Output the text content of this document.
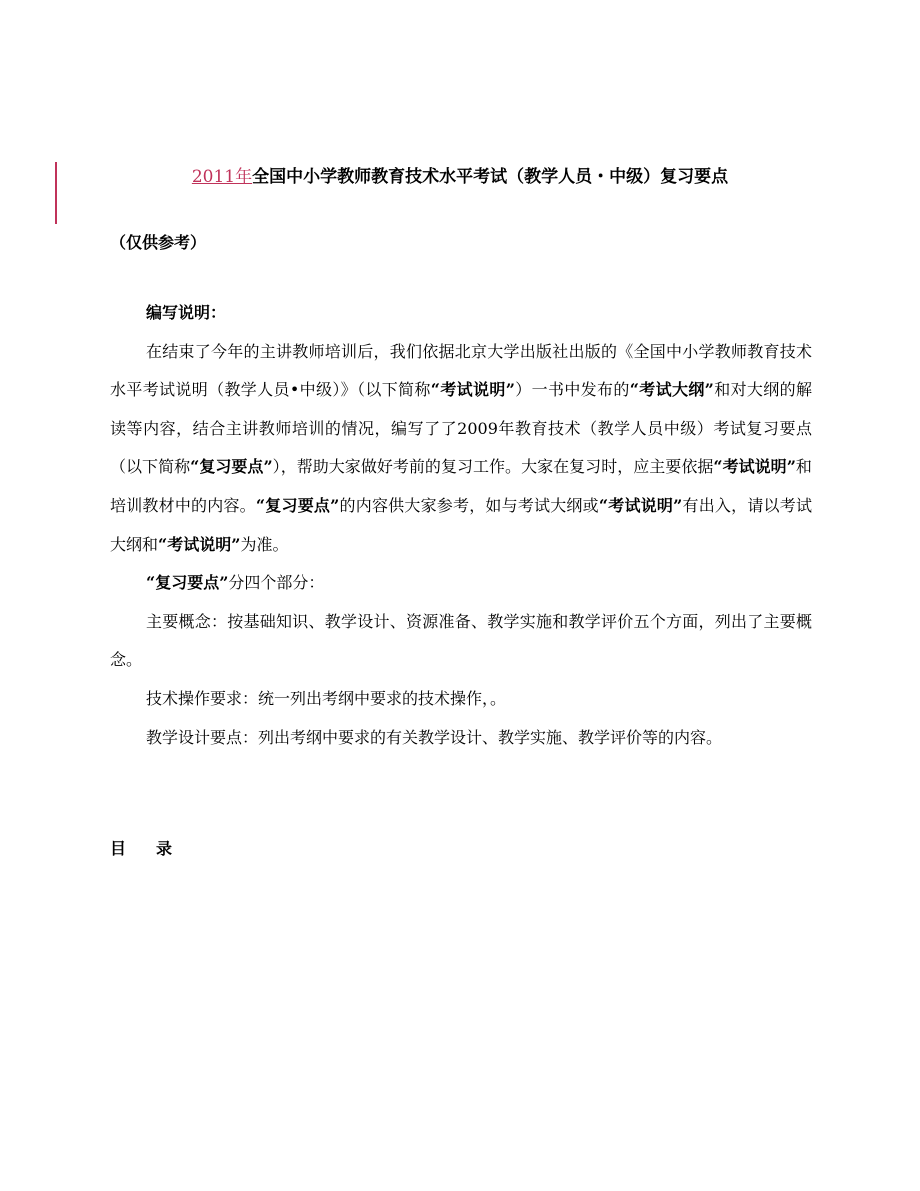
2011年全国中小学教师教育技术水平考试（教学人员・中级）复习要点
（仅供参考）

编写说明：

在结束了今年的主讲教师培训后，我们依据北京大学出版社出版的《全国中小学教师教育技术水平考试说明（教学人员•中级）》（以下简称“考试说明”）一书中发布的“考试大纲”和对大纲的解读等内容，结合主讲教师培训的情况，编写了了2009年教育技术（教学人员中级）考试复习要点（以下简称“复习要点”），帮助大家做好考前的复习工作。大家在复习时，应主要依据“考试说明”和培训教材中的内容。“复习要点”的内容供大家参考，如与考试大纲或“考试说明”有出入，请以考试大纲和“考试说明”为准。

“复习要点”分四个部分：

主要概念：按基础知识、教学设计、资源准备、教学实施和教学评价五个方面，列出了主要概念。

技术操作要求：统一列出考纲中要求的技术操作，。

教学设计要点：列出考纲中要求的有关教学设计、教学实施、教学评价等的内容。

目 录
